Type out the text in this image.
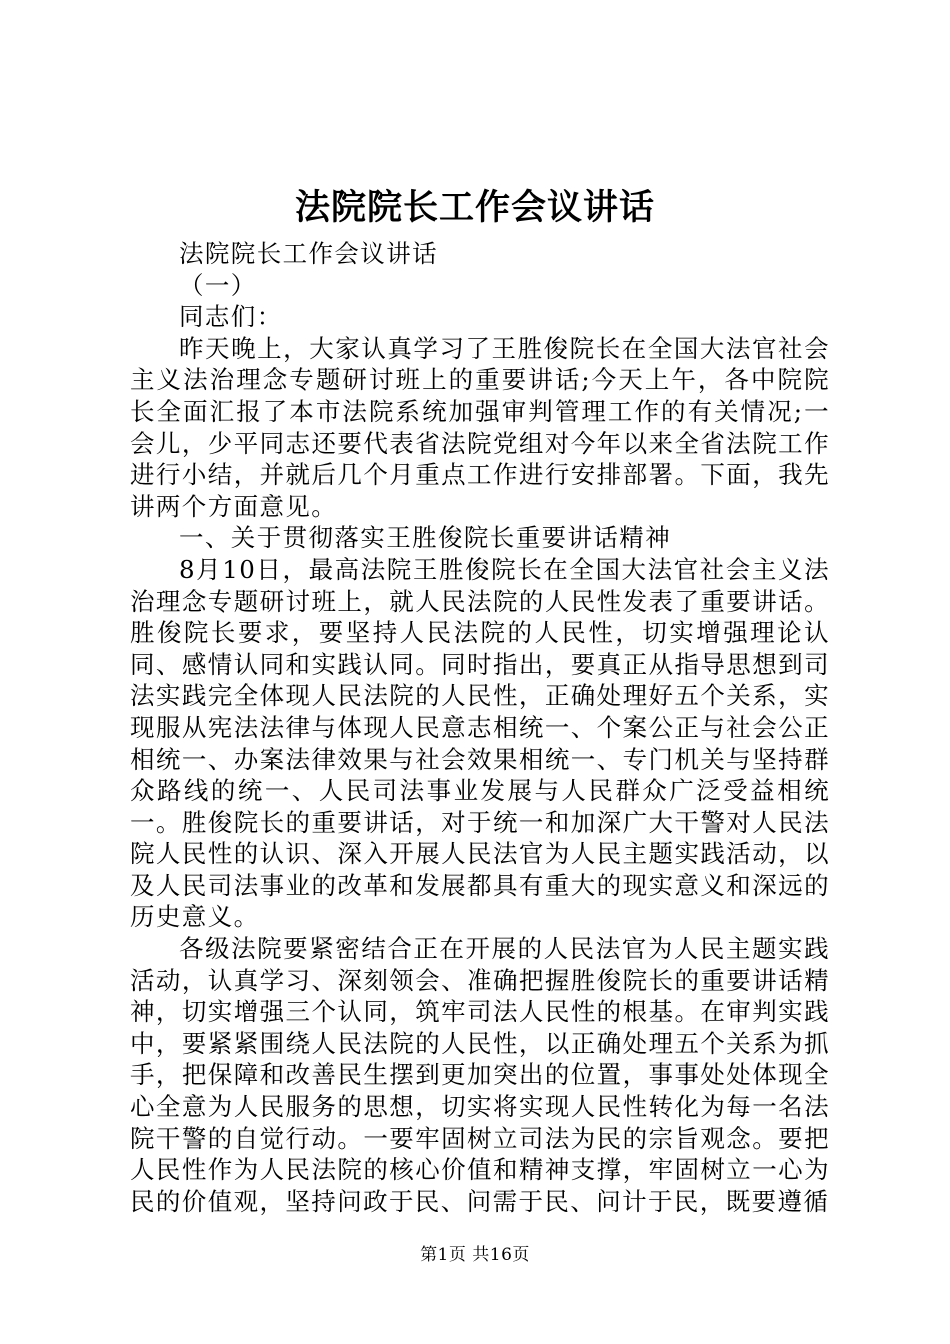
法院院长工作会议讲话

法院院长工作会议讲话

（一）

同志们：

昨天晚上，大家认真学习了王胜俊院长在全国大法官社会主义法治理念专题研讨班上的重要讲话;今天上午，各中院院长全面汇报了本市法院系统加强审判管理工作的有关情况;一会儿，少平同志还要代表省法院党组对今年以来全省法院工作进行小结，并就后几个月重点工作进行安排部署。下面，我先讲两个方面意见。

一、关于贯彻落实王胜俊院长重要讲话精神

8月10日，最高法院王胜俊院长在全国大法官社会主义法治理念专题研讨班上，就人民法院的人民性发表了重要讲话。胜俊院长要求，要坚持人民法院的人民性，切实增强理论认同、感情认同和实践认同。同时指出，要真正从指导思想到司法实践完全体现人民法院的人民性，正确处理好五个关系，实现服从宪法法律与体现人民意志相统一、个案公正与社会公正相统一、办案法律效果与社会效果相统一、专门机关与坚持群众路线的统一、人民司法事业发展与人民群众广泛受益相统一。胜俊院长的重要讲话，对于统一和加深广大干警对人民法院人民性的认识、深入开展人民法官为人民主题实践活动，以及人民司法事业的改革和发展都具有重大的现实意义和深远的历史意义。

各级法院要紧密结合正在开展的人民法官为人民主题实践活动，认真学习、深刻领会、准确把握胜俊院长的重要讲话精神，切实增强三个认同，筑牢司法人民性的根基。在审判实践中，要紧紧围绕人民法院的人民性，以正确处理五个关系为抓手，把保障和改善民生摆到更加突出的位置，事事处处体现全心全意为人民服务的思想，切实将实现人民性转化为每一名法院干警的自觉行动。一要牢固树立司法为民的宗旨观念。要把人民性作为人民法院的核心价值和精神支撑，牢固树立一心为民的价值观，坚持问政于民、问需于民、问计于民，既要遵循

第1页 共16页
